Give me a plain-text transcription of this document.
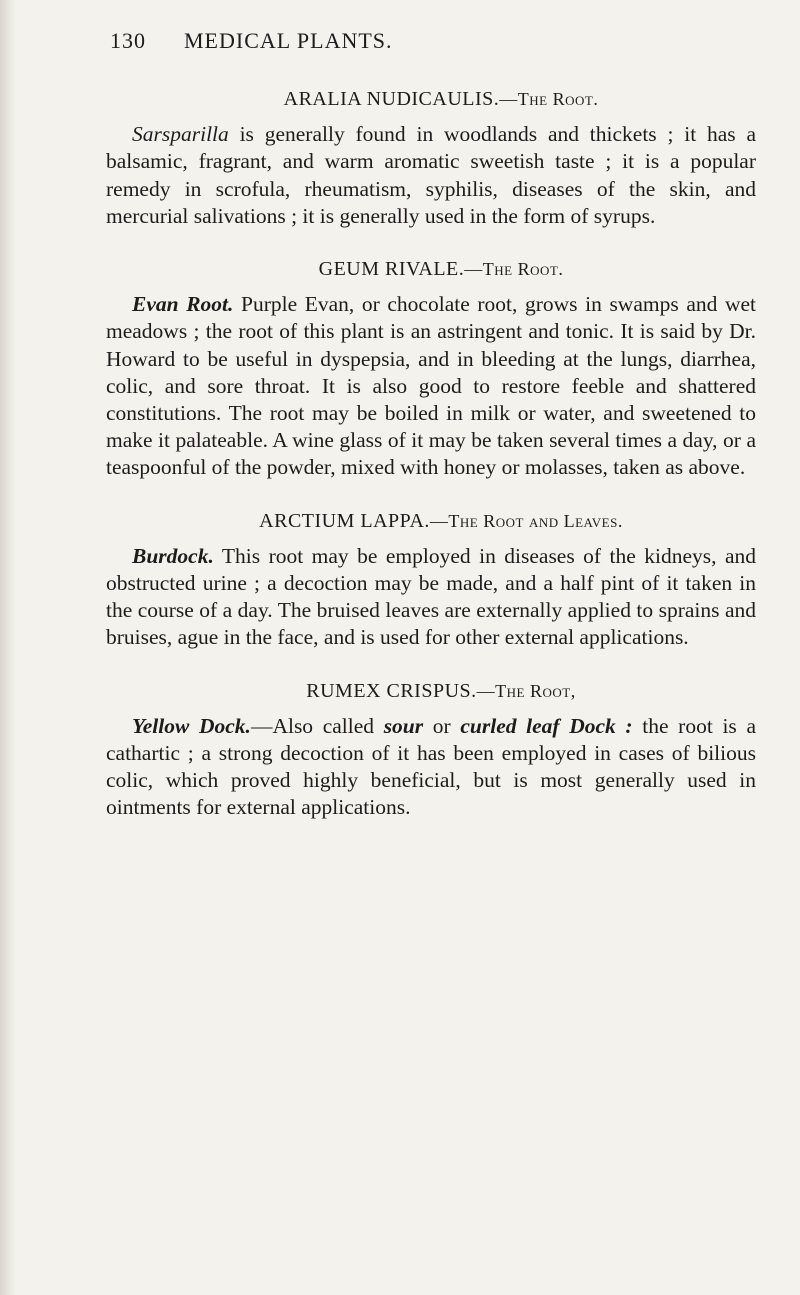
130 MEDICAL PLANTS.
ARALIA NUDICAULIS.—The Root.

Sarsparilla is generally found in woodlands and thickets ; it has a balsamic, fragrant, and warm aromatic sweetish taste ; it is a popular remedy in scrofula, rheumatism, syphilis, diseases of the skin, and mercurial salivations ; it is generally used in the form of syrups.

GEUM RIVALE.—The Root.

Evan Root. Purple Evan, or chocolate root, grows in swamps and wet meadows ; the root of this plant is an astringent and tonic. It is said by Dr. Howard to be useful in dyspepsia, and in bleeding at the lungs, diarrhea, colic, and sore throat. It is also good to restore feeble and shattered constitutions. The root may be boiled in milk or water, and sweetened to make it palateable. A wine glass of it may be taken several times a day, or a teaspoonful of the powder, mixed with honey or molasses, taken as above.

ARCTIUM LAPPA.—The Root and Leaves.

Burdock. This root may be employed in diseases of the kidneys, and obstructed urine ; a decoction may be made, and a half pint of it taken in the course of a day. The bruised leaves are externally applied to sprains and bruises, ague in the face, and is used for other external applications.

RUMEX CRISPUS.—The Root,

Yellow Dock.—Also called sour or curled leaf Dock : the root is a cathartic ; a strong decoction of it has been employed in cases of bilious colic, which proved highly beneficial, but is most generally used in ointments for external applications.
